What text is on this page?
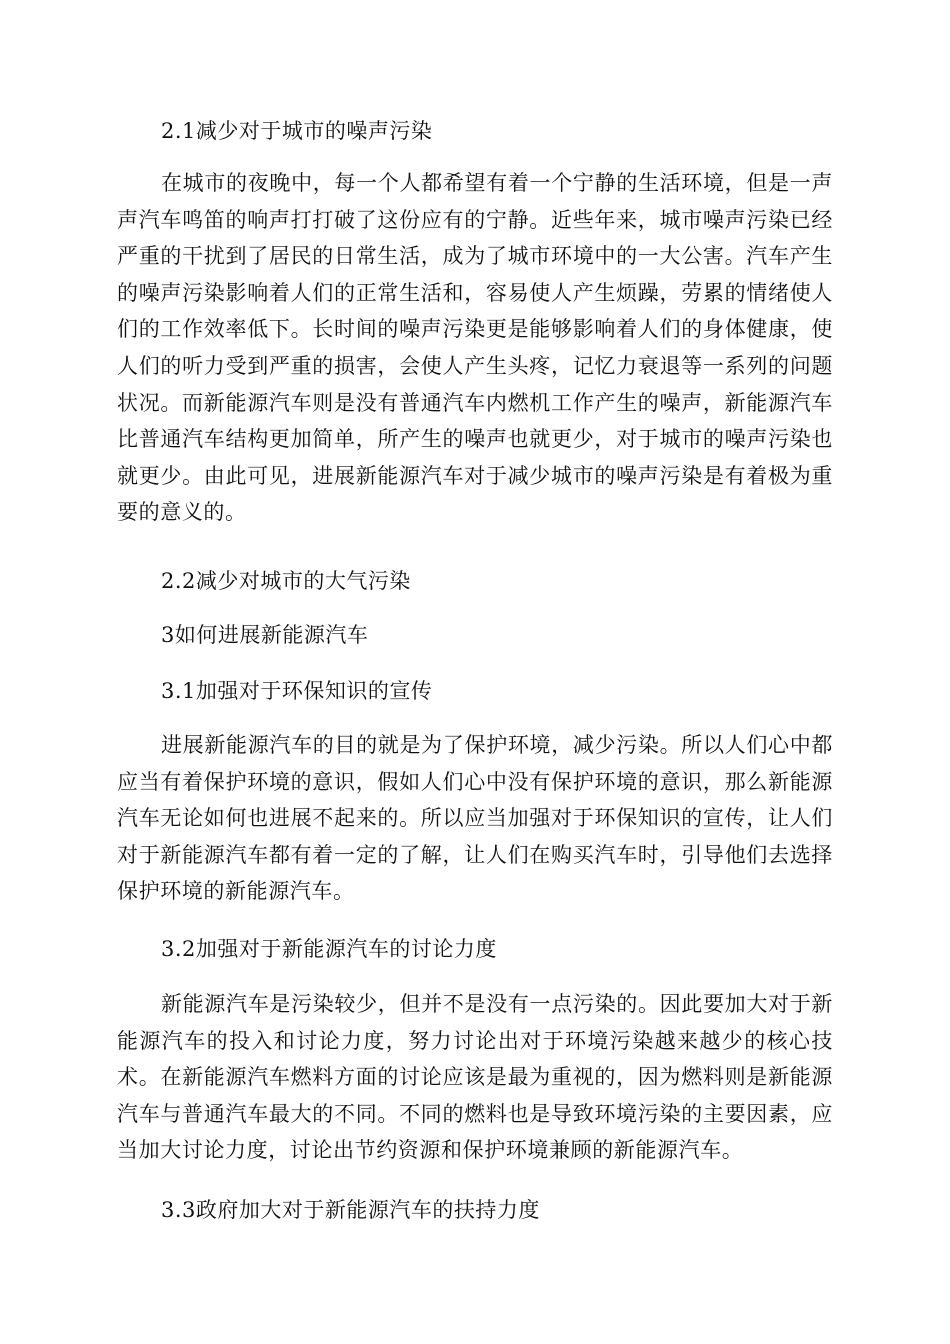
2.1减少对于城市的噪声污染

在城市的夜晚中，每一个人都希望有着一个宁静的生活环境，但是一声声汽车鸣笛的响声打打破了这份应有的宁静。近些年来，城市噪声污染已经严重的干扰到了居民的日常生活，成为了城市环境中的一大公害。汽车产生的噪声污染影响着人们的正常生活和，容易使人产生烦躁，劳累的情绪使人们的工作效率低下。长时间的噪声污染更是能够影响着人们的身体健康，使人们的听力受到严重的损害，会使人产生头疼，记忆力衰退等一系列的问题状况。而新能源汽车则是没有普通汽车内燃机工作产生的噪声，新能源汽车比普通汽车结构更加简单，所产生的噪声也就更少，对于城市的噪声污染也就更少。由此可见，进展新能源汽车对于减少城市的噪声污染是有着极为重要的意义的。

2.2减少对城市的大气污染
3如何进展新能源汽车
3.1加强对于环保知识的宣传

进展新能源汽车的目的就是为了保护环境，减少污染。所以人们心中都应当有着保护环境的意识，假如人们心中没有保护环境的意识，那么新能源汽车无论如何也进展不起来的。所以应当加强对于环保知识的宣传，让人们对于新能源汽车都有着一定的了解，让人们在购买汽车时，引导他们去选择保护环境的新能源汽车。

3.2加强对于新能源汽车的讨论力度

新能源汽车是污染较少，但并不是没有一点污染的。因此要加大对于新能源汽车的投入和讨论力度，努力讨论出对于环境污染越来越少的核心技术。在新能源汽车燃料方面的讨论应该是最为重视的，因为燃料则是新能源汽车与普通汽车最大的不同。不同的燃料也是导致环境污染的主要因素，应当加大讨论力度，讨论出节约资源和保护环境兼顾的新能源汽车。

3.3政府加大对于新能源汽车的扶持力度
